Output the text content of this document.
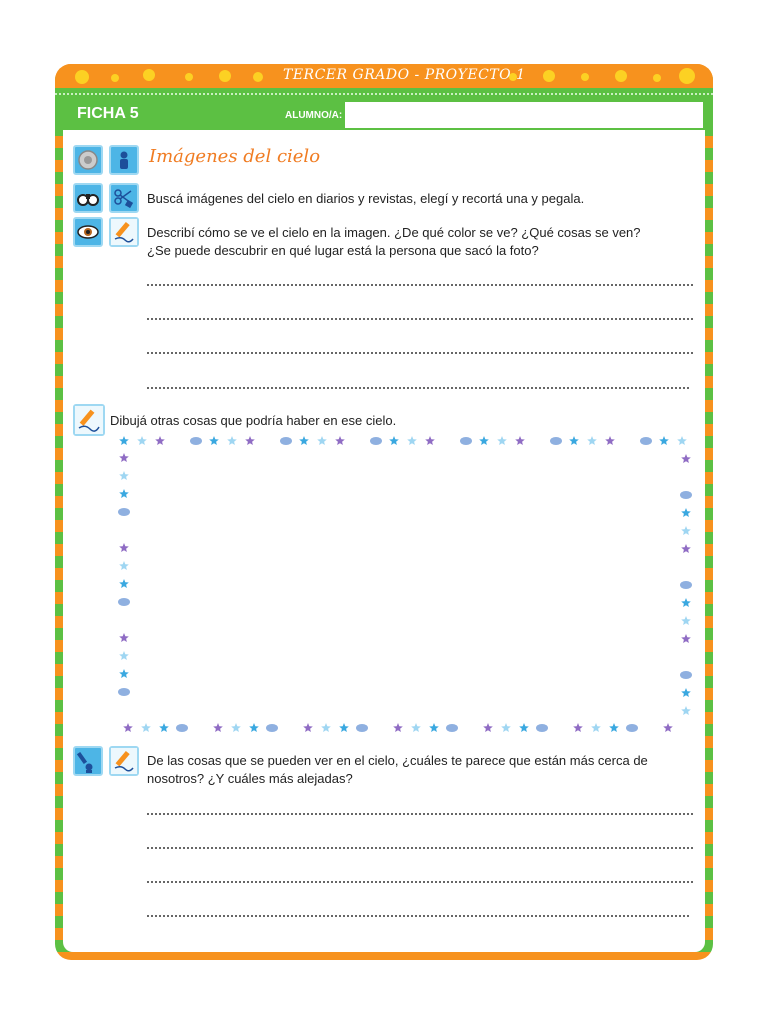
TERCER GRADO - PROYECTO 1
FICHA 5	ALUMNO/A:
Imágenes del cielo
Buscá imágenes del cielo en diarios y revistas, elegí y recortá una y pegala.
Describí cómo se ve el cielo en la imagen. ¿De qué color se ve? ¿Qué cosas se ven?
¿Se puede descubrir en qué lugar está la persona que sacó la foto?
Dibujá otras cosas que podría haber en ese cielo.
De las cosas que se pueden ver en el cielo, ¿cuáles te parece que están más cerca de
nosotros? ¿Y cuáles más alejadas?
